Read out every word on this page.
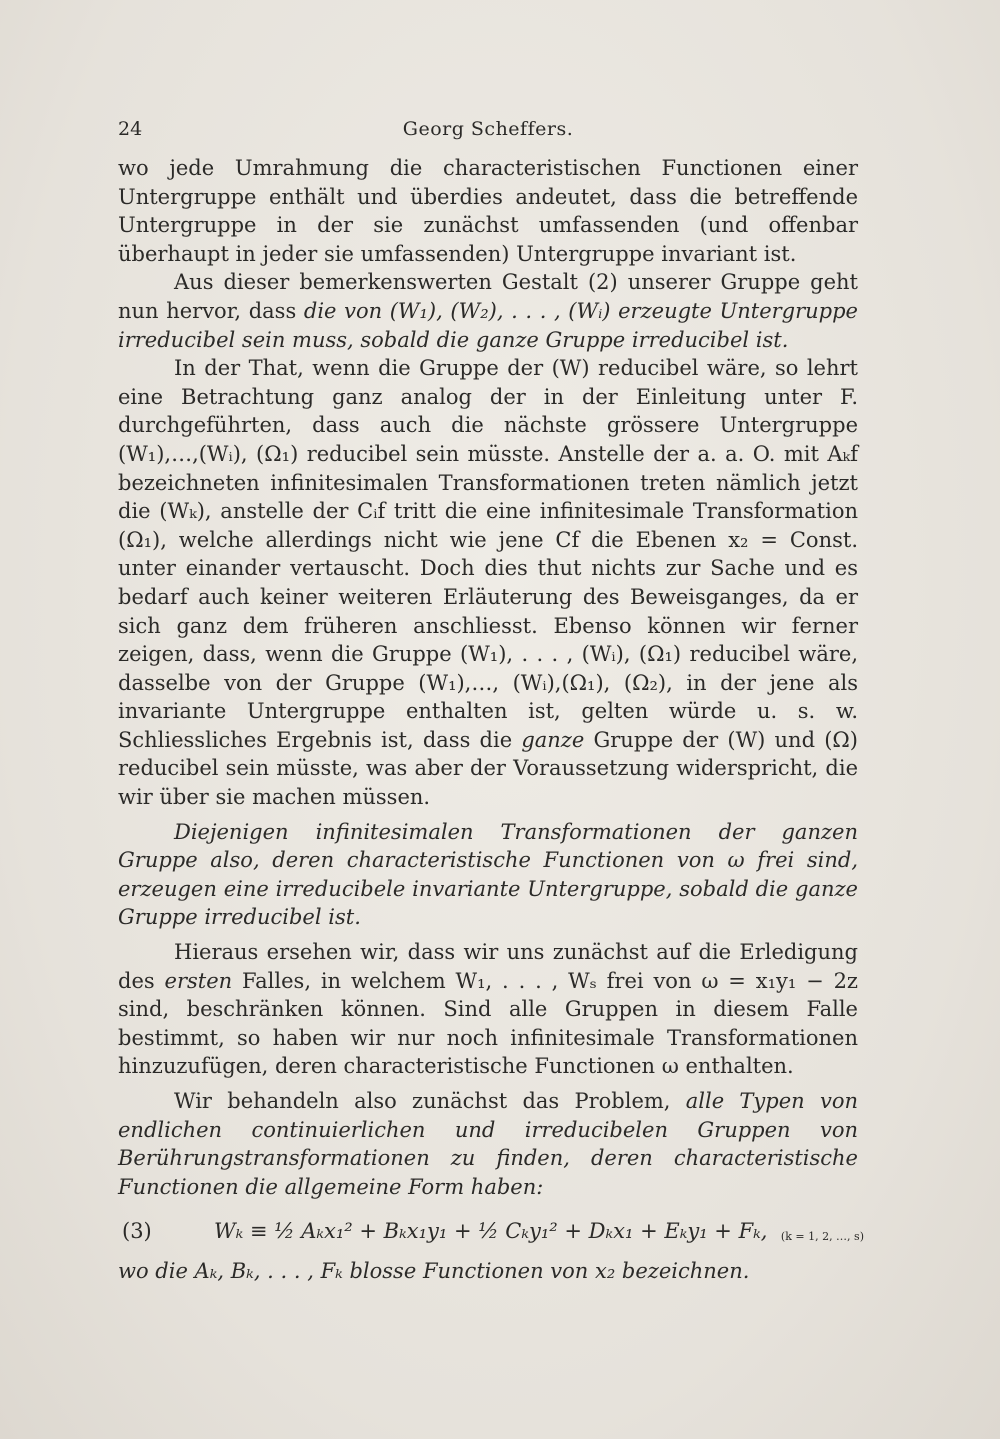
24	Georg Scheffers.

wo jede Umrahmung die characteristischen Functionen einer Untergruppe enthält und überdies andeutet, dass die betreffende Untergruppe in der sie zunächst umfassenden (und offenbar überhaupt in jeder sie umfassenden) Untergruppe invariant ist.

Aus dieser bemerkenswerten Gestalt (2) unserer Gruppe geht nun hervor, dass die von (W₁), (W₂), . . . , (Wᵢ) erzeugte Untergruppe irreducibel sein muss, sobald die ganze Gruppe irreducibel ist.

In der That, wenn die Gruppe der (W) reducibel wäre, so lehrt eine Betrachtung ganz analog der in der Einleitung unter F. durchgeführten, dass auch die nächste grössere Untergruppe (W₁),…,(Wᵢ), (Ω₁) reducibel sein müsste. Anstelle der a. a. O. mit Aₖf bezeichneten infinitesimalen Transformationen treten nämlich jetzt die (Wₖ), anstelle der Cᵢf tritt die eine infinitesimale Transformation (Ω₁), welche allerdings nicht wie jene Cf die Ebenen x₂ = Const. unter einander vertauscht. Doch dies thut nichts zur Sache und es bedarf auch keiner weiteren Erläuterung des Beweisganges, da er sich ganz dem früheren anschliesst. Ebenso können wir ferner zeigen, dass, wenn die Gruppe (W₁), . . . , (Wᵢ), (Ω₁) reducibel wäre, dasselbe von der Gruppe (W₁),…, (Wᵢ),(Ω₁), (Ω₂), in der jene als invariante Untergruppe enthalten ist, gelten würde u. s. w. Schliessliches Ergebnis ist, dass die ganze Gruppe der (W) und (Ω) reducibel sein müsste, was aber der Voraussetzung widerspricht, die wir über sie machen müssen.

Diejenigen infinitesimalen Transformationen der ganzen Gruppe also, deren characteristische Functionen von ω frei sind, erzeugen eine irreducibele invariante Untergruppe, sobald die ganze Gruppe irreducibel ist.

Hieraus ersehen wir, dass wir uns zunächst auf die Erledigung des ersten Falles, in welchem W₁, . . . , Wₛ frei von ω = x₁y₁ − 2z sind, beschränken können. Sind alle Gruppen in diesem Falle bestimmt, so haben wir nur noch infinitesimale Transformationen hinzuzufügen, deren characteristische Functionen ω enthalten.

Wir behandeln also zunächst das Problem, alle Typen von endlichen continuierlichen und irreducibelen Gruppen von Berührungstransformationen zu finden, deren characteristische Functionen die allgemeine Form haben:

(3)	Wₖ ≡ ½ Aₖx₁² + Bₖx₁y₁ + ½ Cₖy₁² + Dₖx₁ + Eₖy₁ + Fₖ, (k = 1, 2, …, s)

wo die Aₖ, Bₖ, . . . , Fₖ blosse Functionen von x₂ bezeichnen.
